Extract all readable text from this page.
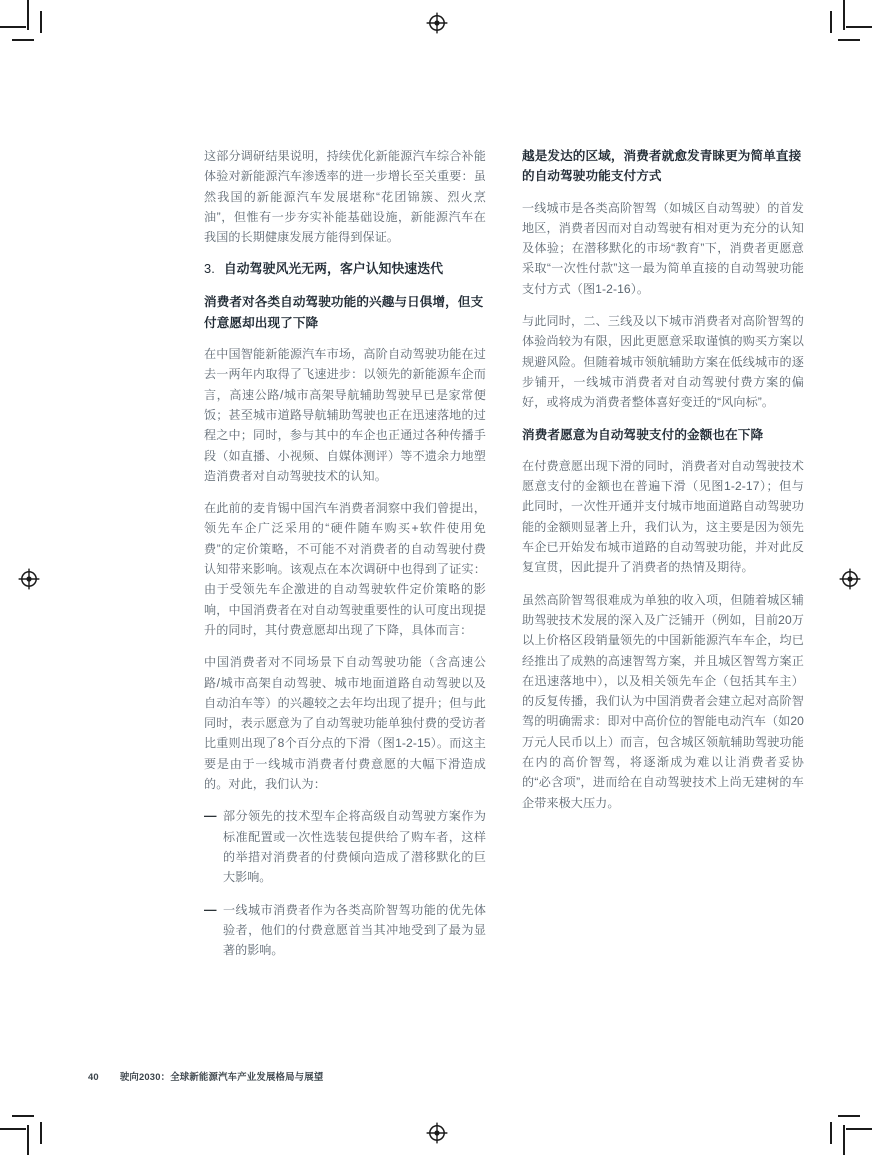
这部分调研结果说明，持续优化新能源汽车综合补能体验对新能源汽车渗透率的进一步增长至关重要：虽然我国的新能源汽车发展堪称“花团锦簇、烈火烹油”，但惟有一步夯实补能基础设施，新能源汽车在我国的长期健康发展方能得到保证。

3. 自动驾驶风光无两，客户认知快速迭代
消费者对各类自动驾驶功能的兴趣与日俱增，但支付意愿却出现了下降

在中国智能新能源汽车市场，高阶自动驾驶功能在过去一两年内取得了飞速进步：以领先的新能源车企而言，高速公路/城市高架导航辅助驾驶早已是家常便饭；甚至城市道路导航辅助驾驶也正在迅速落地的过程之中；同时，参与其中的车企也正通过各种传播手段（如直播、小视频、自媒体测评）等不遗余力地塑造消费者对自动驾驶技术的认知。

在此前的麦肯锡中国汽车消费者洞察中我们曾提出，领先车企广泛采用的“硬件随车购买+软件使用免费”的定价策略，不可能不对消费者的自动驾驶付费认知带来影响。该观点在本次调研中也得到了证实：由于受领先车企激进的自动驾驶软件定价策略的影响，中国消费者在对自动驾驶重要性的认可度出现提升的同时，其付费意愿却出现了下降，具体而言：

中国消费者对不同场景下自动驾驶功能（含高速公路/城市高架自动驾驶、城市地面道路自动驾驶以及自动泊车等）的兴趣较之去年均出现了提升；但与此同时，表示愿意为了自动驾驶功能单独付费的受访者比重则出现了8个百分点的下滑（图1-2-15）。而这主要是由于一线城市消费者付费意愿的大幅下滑造成的。对此，我们认为：

— 部分领先的技术型车企将高级自动驾驶方案作为标准配置或一次性选装包提供给了购车者，这样的举措对消费者的付费倾向造成了潜移默化的巨大影响。
— 一线城市消费者作为各类高阶智驾功能的优先体验者，他们的付费意愿首当其冲地受到了最为显著的影响。
越是发达的区域，消费者就愈发青睐更为简单直接的自动驾驶功能支付方式

一线城市是各类高阶智驾（如城区自动驾驶）的首发地区，消费者因而对自动驾驶有相对更为充分的认知及体验；在潜移默化的市场“教育”下，消费者更愿意采取“一次性付款”这一最为简单直接的自动驾驶功能支付方式（图1-2-16）。

与此同时，二、三线及以下城市消费者对高阶智驾的体验尚较为有限，因此更愿意采取谨慎的购买方案以规避风险。但随着城市领航辅助方案在低线城市的逐步铺开，一线城市消费者对自动驾驶付费方案的偏好，或将成为消费者整体喜好变迁的“风向标”。

消费者愿意为自动驾驶支付的金额也在下降

在付费意愿出现下滑的同时，消费者对自动驾驶技术愿意支付的金额也在普遍下滑（见图1-2-17）；但与此同时，一次性开通并支付城市地面道路自动驾驶功能的金额则显著上升，我们认为，这主要是因为领先车企已开始发布城市道路的自动驾驶功能，并对此反复宣贯，因此提升了消费者的热情及期待。

虽然高阶智驾很难成为单独的收入项，但随着城区辅助驾驶技术发展的深入及广泛铺开（例如，目前20万以上价格区段销量领先的中国新能源汽车车企，均已经推出了成熟的高速智驾方案，并且城区智驾方案正在迅速落地中），以及相关领先车企（包括其车主）的反复传播，我们认为中国消费者会建立起对高阶智驾的明确需求：即对中高价位的智能电动汽车（如20万元人民币以上）而言，包含城区领航辅助驾驶功能在内的高价智驾，将逐渐成为难以让消费者妥协的“必含项”，进而给在自动驾驶技术上尚无建树的车企带来极大压力。

40 驶向2030：全球新能源汽车产业发展格局与展望
